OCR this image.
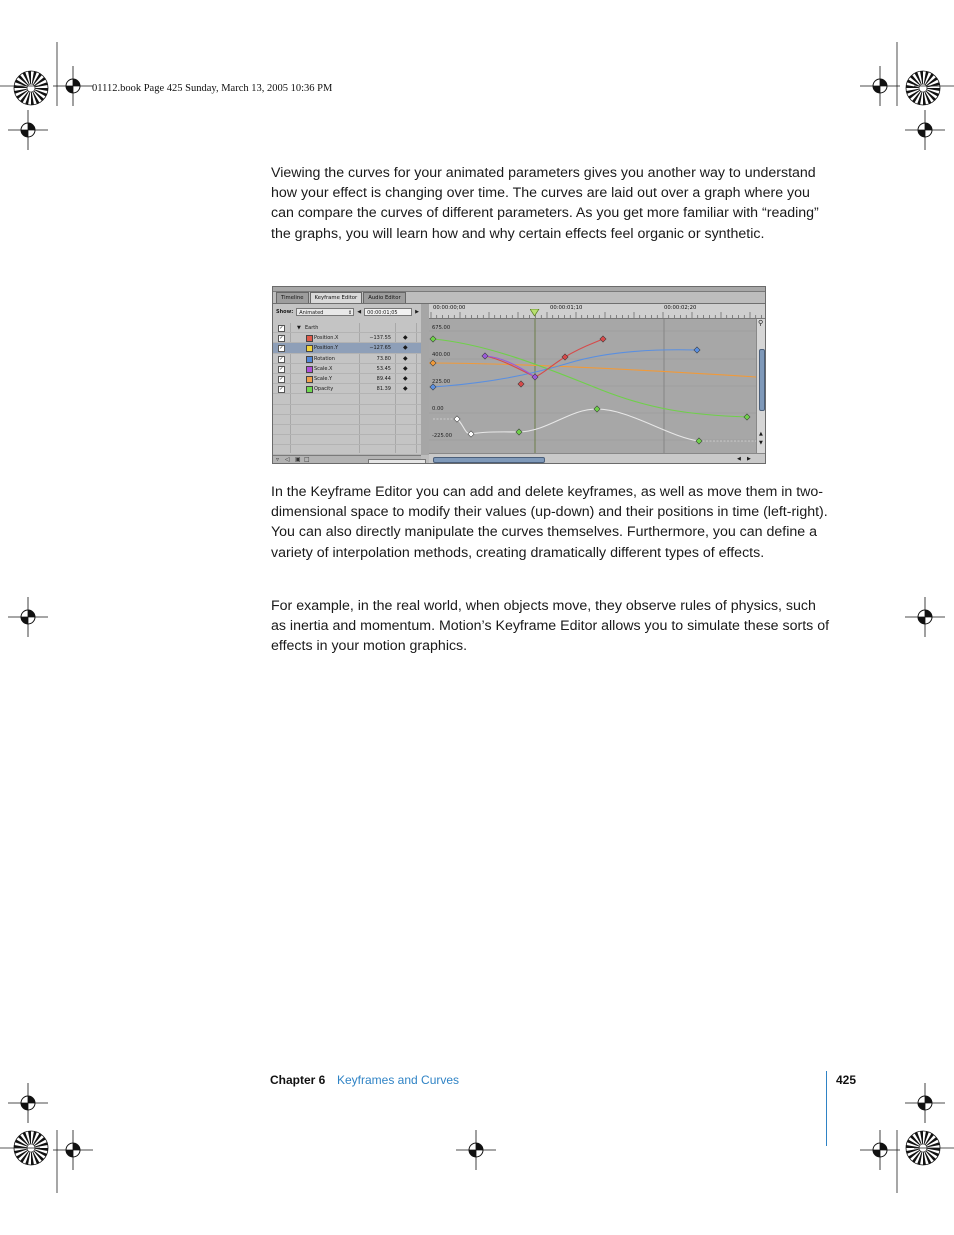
01112.book Page 425 Sunday, March 13, 2005 10:36 PM

Viewing the curves for your animated parameters gives you another way to understand how your effect is changing over time. The curves are laid out over a graph where you can compare the curves of different parameters. As you get more familiar with “reading” the graphs, you will learn how and why certain effects feel organic or synthetic.

Timeline	Keyframe Editor	Audio Editor
Show:	Animated	⇕ ◀	00:00:01;05	▶
✓	▼ Earth
✓	Position.X	−137.55 ◆
✓	Position.Y	−127.65 ◆
✓	Rotation	73.80 ◆
✓	Scale.X	53.45 ◆
✓	Scale.Y	89.44 ◆
✓	Opacity	81.39 ◆
▿ ◁ ▣ □
00:00:00;00	00:00:01;10	00:00:02;20
675.00
400.00
225.00
0.00
-225.00
⚲
▲
▼
◀ ▶

In the Keyframe Editor you can add and delete keyframes, as well as move them in two-dimensional space to modify their values (up-down) and their positions in time (left-right). You can also directly manipulate the curves themselves. Furthermore, you can define a variety of interpolation methods, creating dramatically different types of effects.

For example, in the real world, when objects move, they observe rules of physics, such as inertia and momentum. Motion’s Keyframe Editor allows you to simulate these sorts of effects in your motion graphics.

Chapter 6 Keyframes and Curves	425
